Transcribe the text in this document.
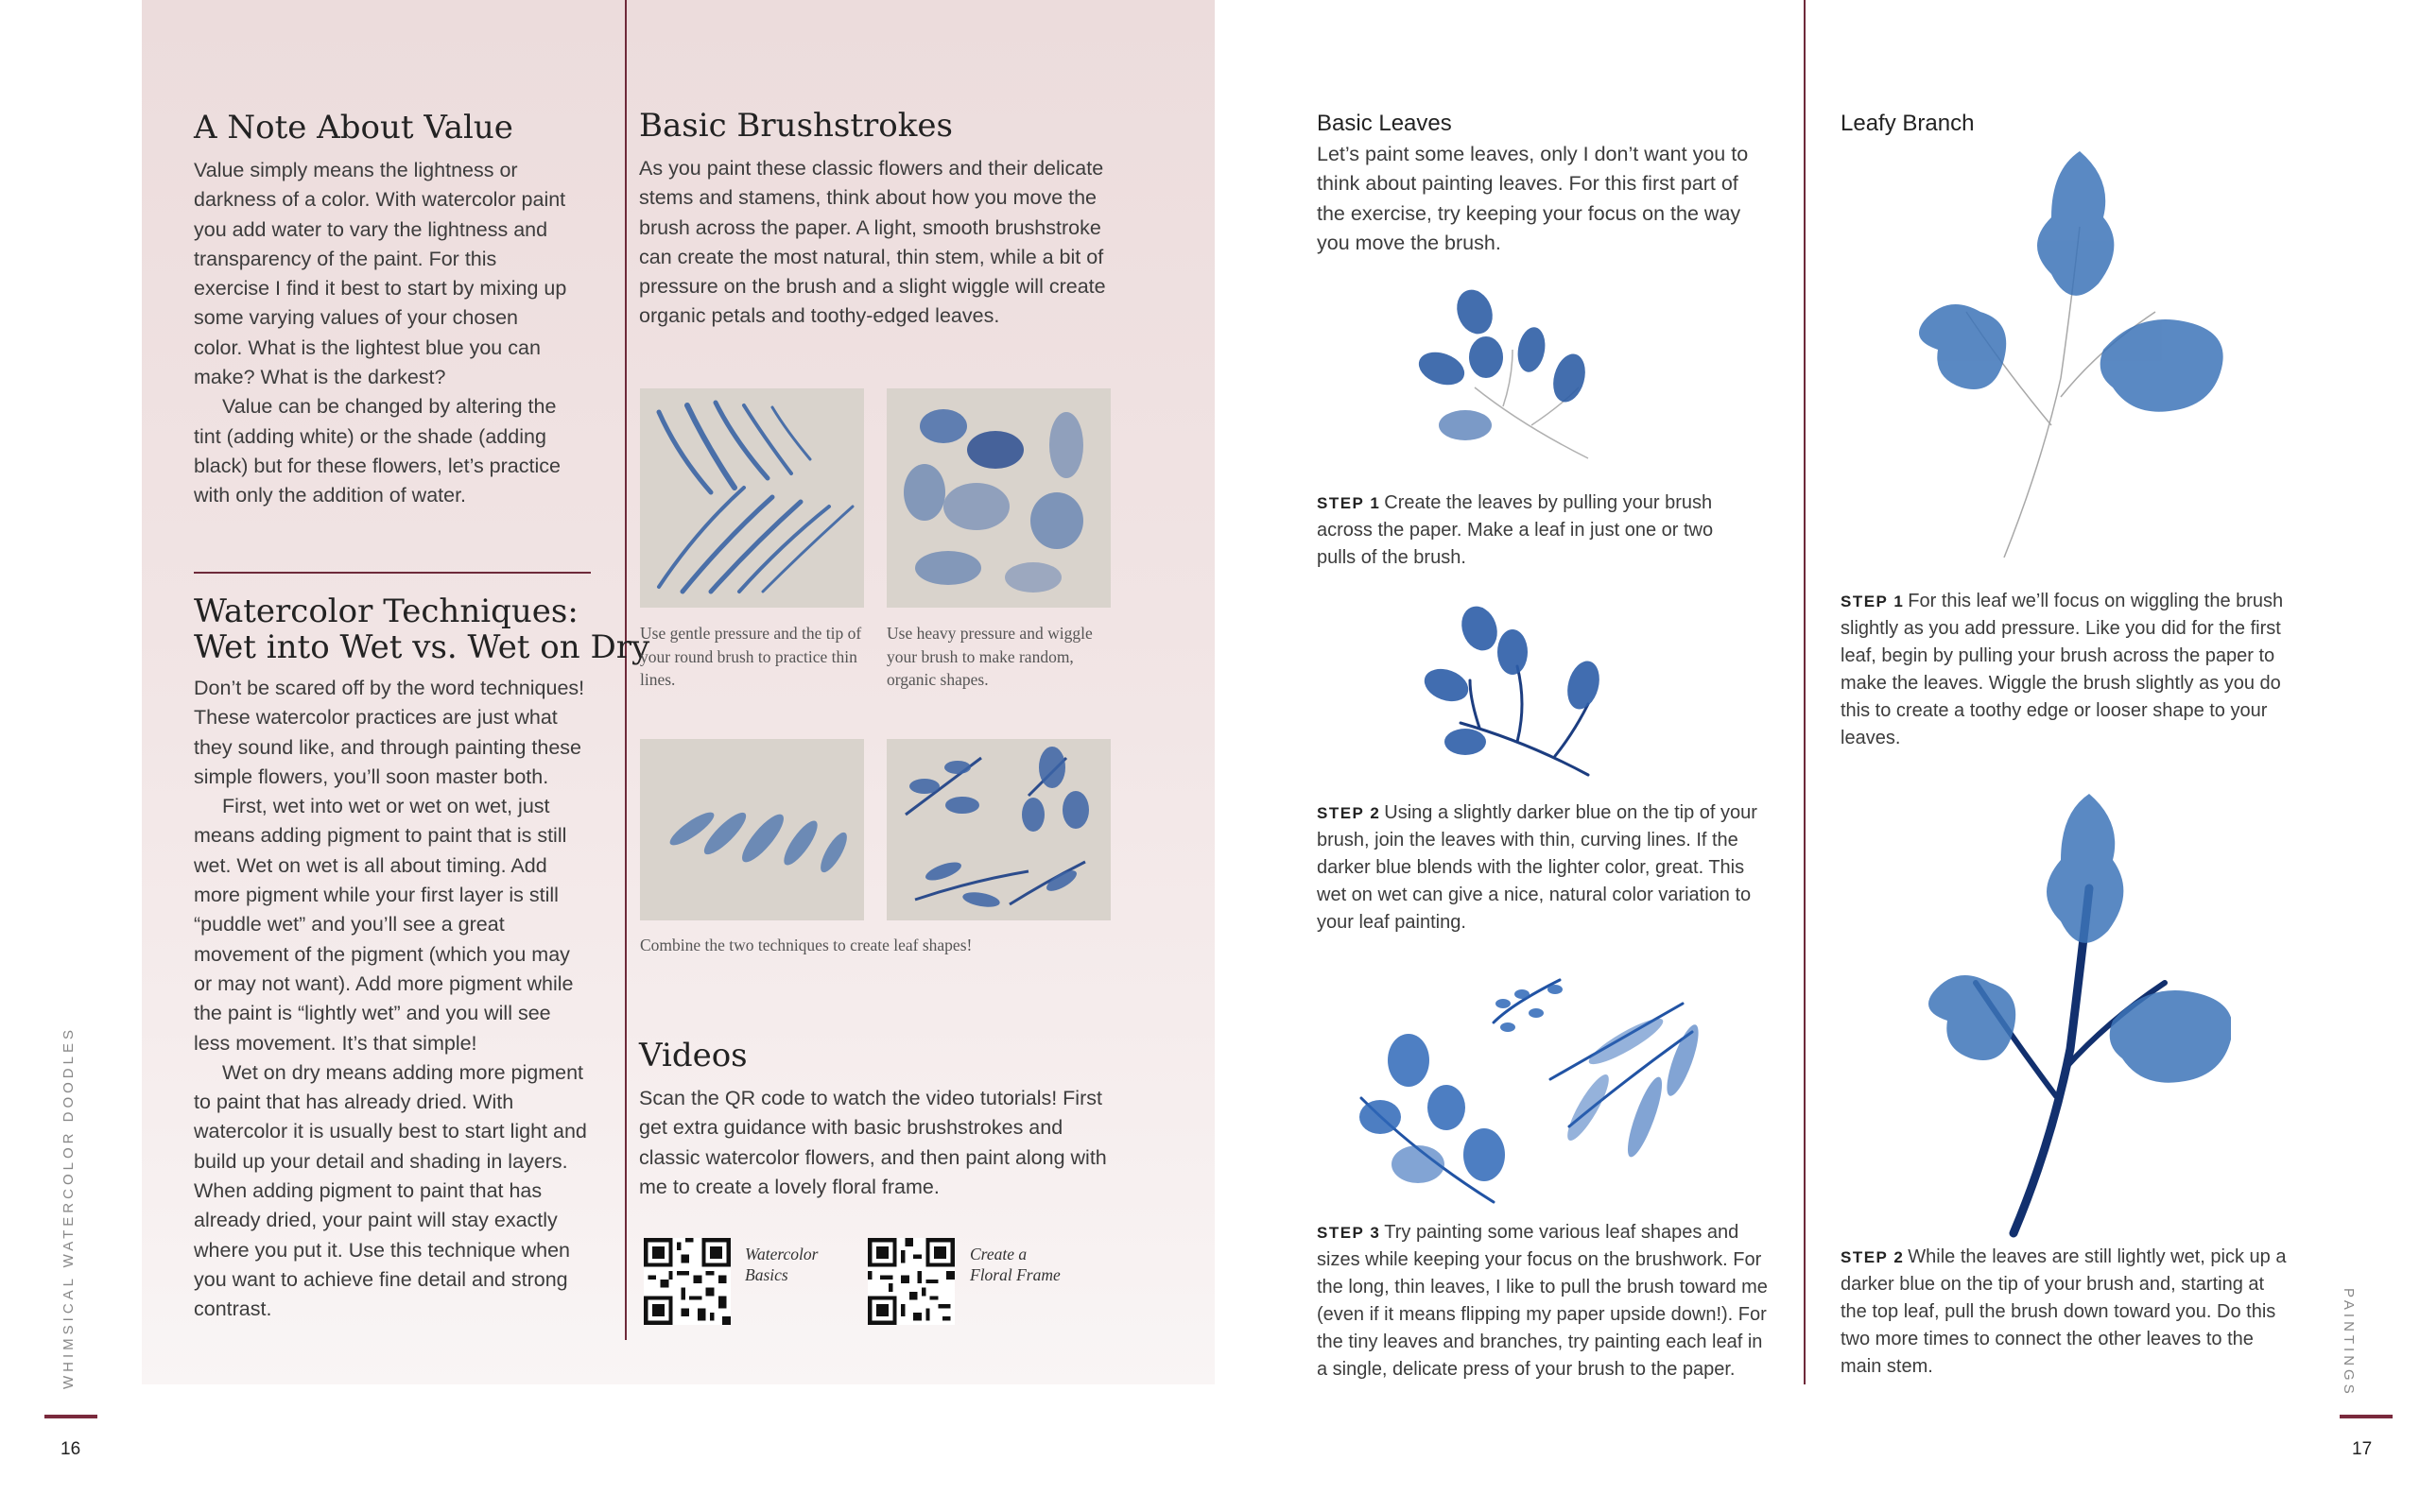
A Note About Value

Value simply means the lightness or darkness of a color. With watercolor paint you add water to vary the lightness and transparency of the paint. For this exercise I find it best to start by mixing up some varying values of your chosen color. What is the lightest blue you can make? What is the darkest?

Value can be changed by altering the tint (adding white) or the shade (adding black) but for these flowers, let’s practice with only the addition of water.

Watercolor Techniques:
Wet into Wet vs. Wet on Dry

Don’t be scared off by the word techniques! These watercolor practices are just what they sound like, and through painting these simple flowers, you’ll soon master both.

First, wet into wet or wet on wet, just means adding pigment to paint that is still wet. Wet on wet is all about timing. Add more pigment while your first layer is still “puddle wet” and you’ll see a great movement of the pigment (which you may or may not want). Add more pigment while the paint is “lightly wet” and you will see less movement. It’s that simple!

Wet on dry means adding more pigment to paint that has already dried. With watercolor it is usually best to start light and build up your detail and shading in layers. When adding pigment to paint that has already dried, your paint will stay exactly where you put it. Use this technique when you want to achieve fine detail and strong contrast.

Basic Brushstrokes
As you paint these classic flowers and their delicate stems and stamens, think about how you move the brush across the paper. A light, smooth brushstroke can create the most natural, thin stem, while a bit of pressure on the brush and a slight wiggle will create organic petals and toothy-edged leaves.
Use gentle pressure and the tip of your round brush to practice thin lines.
Use heavy pressure and wiggle your brush to make random, organic shapes.
Combine the two techniques to create leaf shapes!
Videos
Scan the QR code to watch the video tutorials! First get extra guidance with basic brushstrokes and classic watercolor flowers, and then paint along with me to create a lovely floral frame.
Watercolor
Basics
Create a
Floral Frame
WHIMSICAL WATERCOLOR DOODLES
16
Basic Leaves
Let’s paint some leaves, only I don’t want you to think about painting leaves. For this first part of the exercise, try keeping your focus on the way you move the brush.
STEP 1 Create the leaves by pulling your brush across the paper. Make a leaf in just one or two pulls of the brush.
STEP 2 Using a slightly darker blue on the tip of your brush, join the leaves with thin, curving lines. If the darker blue blends with the lighter color, great. This wet on wet can give a nice, natural color variation to your leaf painting.
STEP 3 Try painting some various leaf shapes and sizes while keeping your focus on the brushwork. For the long, thin leaves, I like to pull the brush toward me (even if it means flipping my paper upside down!). For the tiny leaves and branches, try painting each leaf in a single, delicate press of your brush to the paper.
Leafy Branch
STEP 1 For this leaf we’ll focus on wiggling the brush slightly as you add pressure. Like you did for the first leaf, begin by pulling your brush across the paper to make the leaves. Wiggle the brush slightly as you do this to create a toothy edge or looser shape to your leaves.
STEP 2 While the leaves are still lightly wet, pick up a darker blue on the tip of your brush and, starting at the top leaf, pull the brush down toward you. Do this two more times to connect the other leaves to the main stem.	PAINTINGS
17
